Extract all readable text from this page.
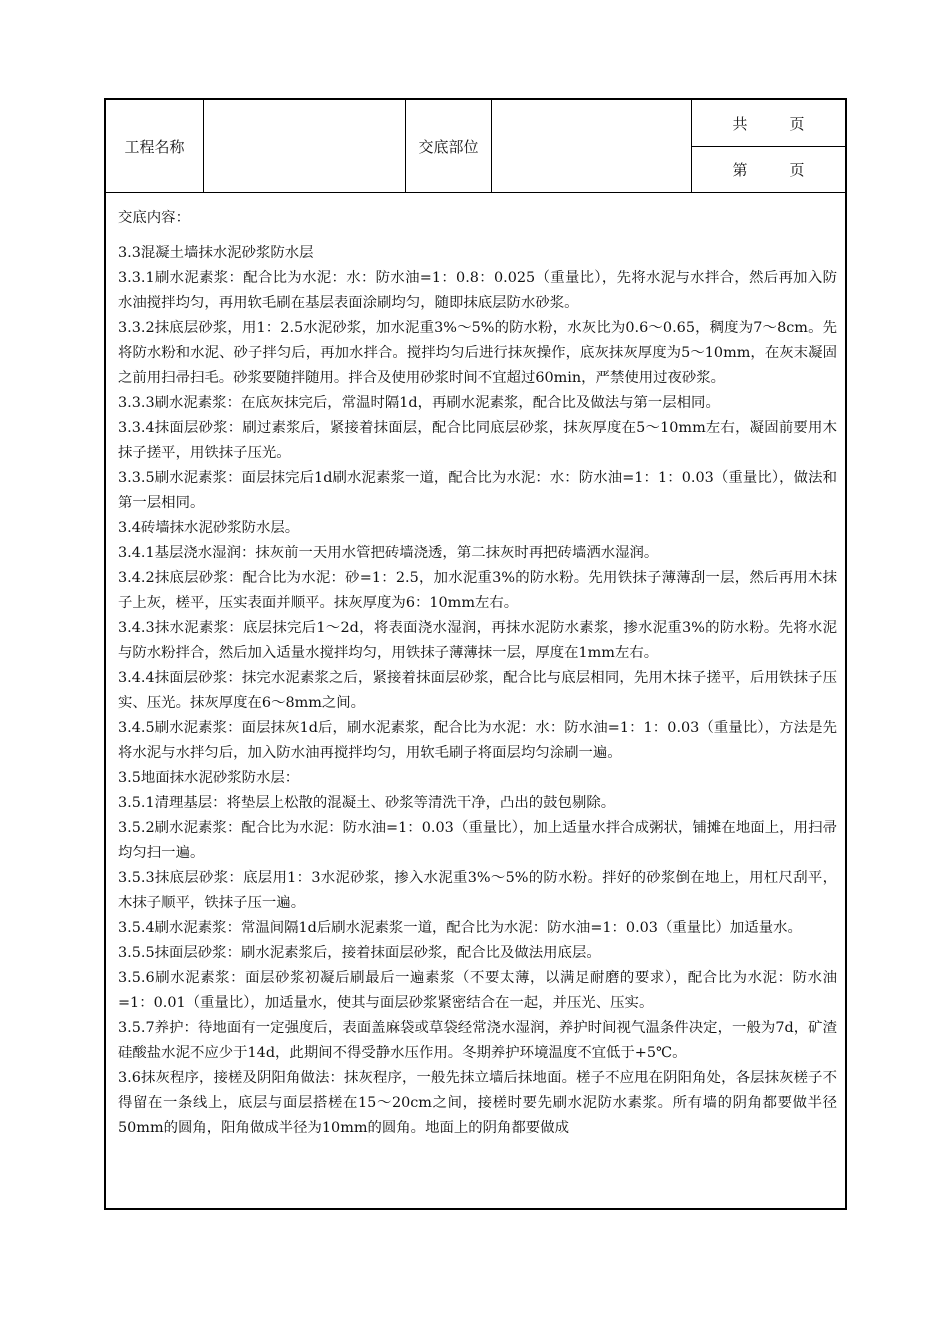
工程名称	交底部位
共	页
第	页

交底内容：

3.3混凝土墙抹水泥砂浆防水层

3.3.1刷水泥素浆：配合比为水泥：水：防水油=1：0.8：0.025（重量比），先将水泥与水拌合，然后再加入防水油搅拌均匀，再用软毛刷在基层表面涂刷均匀，随即抹底层防水砂浆。

3.3.2抹底层砂浆，用1：2.5水泥砂浆，加水泥重3%～5%的防水粉，水灰比为0.6～0.65，稠度为7～8cm。先将防水粉和水泥、砂子拌匀后，再加水拌合。搅拌均匀后进行抹灰操作，底灰抹灰厚度为5～10mm，在灰末凝固之前用扫帚扫毛。砂浆要随拌随用。拌合及使用砂浆时间不宜超过60min，严禁使用过夜砂浆。

3.3.3刷水泥素浆：在底灰抹完后，常温时隔1d，再刷水泥素浆，配合比及做法与第一层相同。

3.3.4抹面层砂浆：刷过素浆后，紧接着抹面层，配合比同底层砂浆，抹灰厚度在5～10mm左右，凝固前要用木抹子搓平，用铁抹子压光。

3.3.5刷水泥素浆：面层抹完后1d刷水泥素浆一道，配合比为水泥：水：防水油=1：1：0.03（重量比），做法和第一层相同。

3.4砖墙抹水泥砂浆防水层。

3.4.1基层浇水湿润：抹灰前一天用水管把砖墙浇透，第二抹灰时再把砖墙洒水湿润。

3.4.2抹底层砂浆：配合比为水泥：砂=1：2.5，加水泥重3%的防水粉。先用铁抹子薄薄刮一层，然后再用木抹子上灰，槎平，压实表面并顺平。抹灰厚度为6：10mm左右。

3.4.3抹水泥素浆：底层抹完后1～2d，将表面浇水湿润，再抹水泥防水素浆，掺水泥重3%的防水粉。先将水泥与防水粉拌合，然后加入适量水搅拌均匀，用铁抹子薄薄抹一层，厚度在1mm左右。

3.4.4抹面层砂浆：抹完水泥素浆之后，紧接着抹面层砂浆，配合比与底层相同，先用木抹子搓平，后用铁抹子压实、压光。抹灰厚度在6～8mm之间。

3.4.5刷水泥素浆：面层抹灰1d后，刷水泥素浆，配合比为水泥：水：防水油=1：1：0.03（重量比），方法是先将水泥与水拌匀后，加入防水油再搅拌均匀，用软毛刷子将面层均匀涂刷一遍。

3.5地面抹水泥砂浆防水层：

3.5.1清理基层：将垫层上松散的混凝土、砂浆等清洗干净，凸出的鼓包剔除。

3.5.2刷水泥素浆：配合比为水泥：防水油=1：0.03（重量比），加上适量水拌合成粥状，铺摊在地面上，用扫帚均匀扫一遍。

3.5.3抹底层砂浆：底层用1：3水泥砂浆，掺入水泥重3%～5%的防水粉。拌好的砂浆倒在地上，用杠尺刮平，木抹子顺平，铁抹子压一遍。

3.5.4刷水泥素浆：常温间隔1d后刷水泥素浆一道，配合比为水泥：防水油=1：0.03（重量比）加适量水。

3.5.5抹面层砂浆：刷水泥素浆后，接着抹面层砂浆，配合比及做法用底层。

3.5.6刷水泥素浆：面层砂浆初凝后刷最后一遍素浆（不要太薄，以满足耐磨的要求），配合比为水泥：防水油=1：0.01（重量比），加适量水，使其与面层砂浆紧密结合在一起，并压光、压实。

3.5.7养护：待地面有一定强度后，表面盖麻袋或草袋经常浇水湿润，养护时间视气温条件决定，一般为7d，矿渣硅酸盐水泥不应少于14d，此期间不得受静水压作用。冬期养护环境温度不宜低于+5℃。

3.6抹灰程序，接槎及阴阳角做法：抹灰程序，一般先抹立墙后抹地面。槎子不应甩在阴阳角处，各层抹灰槎子不得留在一条线上，底层与面层搭槎在15～20cm之间，接槎时要先刷水泥防水素浆。所有墙的阴角都要做半径50mm的圆角，阳角做成半径为10mm的圆角。地面上的阴角都要做成
